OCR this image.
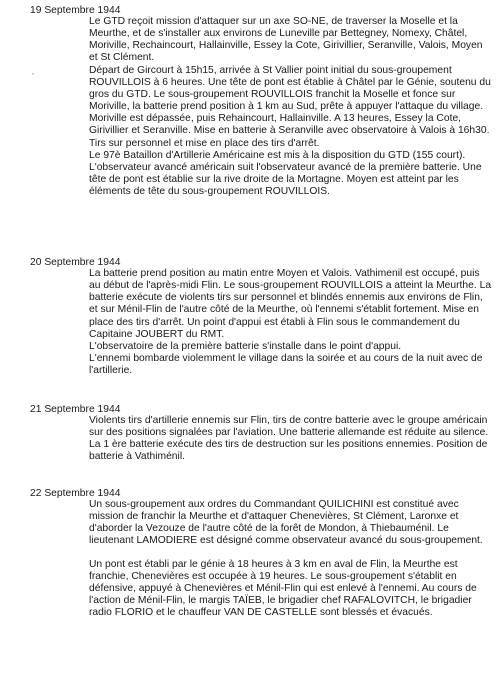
’
19 Septembre 1944

Le GTD reçoit mission d'attaquer sur un axe SO-NE, de traverser la Moselle et la Meurthe, et de s'installer aux environs de Luneville par Bettegney, Nomexy, Châtel, Moriville, Rechaincourt, Hallainville, Essey la Cote, Girivillier, Seranville, Valois, Moyen et St Clément.

Départ de Gircourt à 15h15, arrivée à St Vallier point initial du sous-groupement ROUVILLOIS à 6 heures. Une tête de pont est établie à Châtel par le Génie, soutenu du gros du GTD. Le sous-groupement ROUVILLOIS franchit la Moselle et fonce sur Moriville, la batterie prend position à 1 km au Sud, prête à appuyer l'attaque du village. Moriville est dépassée, puis Rehaincourt, Hallainville. A 13 heures, Essey la Cote, Girivillier et Seranville. Mise en batterie à Seranville avec observatoire à Valois à 16h30. Tirs sur personnel et mise en place des tirs d'arrêt.

Le 97è Bataillon d'Artillerie Américaine est mis à la disposition du GTD (155 court). L'observateur avancé américain suit l'observateur avancé de la première batterie. Une tête de pont est établie sur la rive droite de la Mortagne. Moyen est atteint par les éléments de tête du sous-groupement ROUVILLOIS.

20 Septembre 1944

La batterie prend position au matin entre Moyen et Valois. Vathimenil est occupé, puis au début de l'après-midi Flin. Le sous-groupement ROUVILLOIS a atteint la Meurthe. La batterie exécute de violents tirs sur personnel et blindés ennemis aux environs de Flin, et sur Ménil-Flin de l'autre côté de la Meurthe, où l'ennemi s'établit fortement. Mise en place des tirs d'arrêt. Un point d'appui est établi à Flin sous le commandement du Capitaine JOUBERT du RMT.

L'observatoire de la première batterie s'installe dans le point d'appui.

L'ennemi bombarde violemment le village dans la soirée et au cours de la nuit avec de l'artillerie.

21 Septembre 1944

Violents tirs d'artillerie ennemis sur Flin, tirs de contre batterie avec le groupe américain sur des positions signalées par l'aviation. Une batterie allemande est réduite au silence. La 1 ère batterie exécute des tirs de destruction sur les positions ennemies. Position de batterie à Vathiménil.

22 Septembre 1944

Un sous-groupement aux ordres du Commandant QUILICHINI est constitué avec mission de franchir la Meurthe et d'attaquer Chenevières, St Clément, Laronxe et d'aborder la Vezouze de l'autre côté de la forêt de Mondon, à Thiebauménil. Le lieutenant LAMODIERE est désigné comme observateur avancé du sous-groupement.

Un pont est établi par le génie à 18 heures à 3 km en aval de Flin, la Meurthe est franchie, Chenevières est occupée à 19 heures. Le sous-groupement s'établit en défensive, appuyé à Chenevières et Ménil-Flin qui est enlevé à l'ennemi. Au cours de l'action de Ménil-Flin, le margis TAÏEB, le brigadier chef RAFALOVITCH, le brigadier radio FLORIO et le chauffeur VAN DE CASTELLE sont blessés et évacués.
